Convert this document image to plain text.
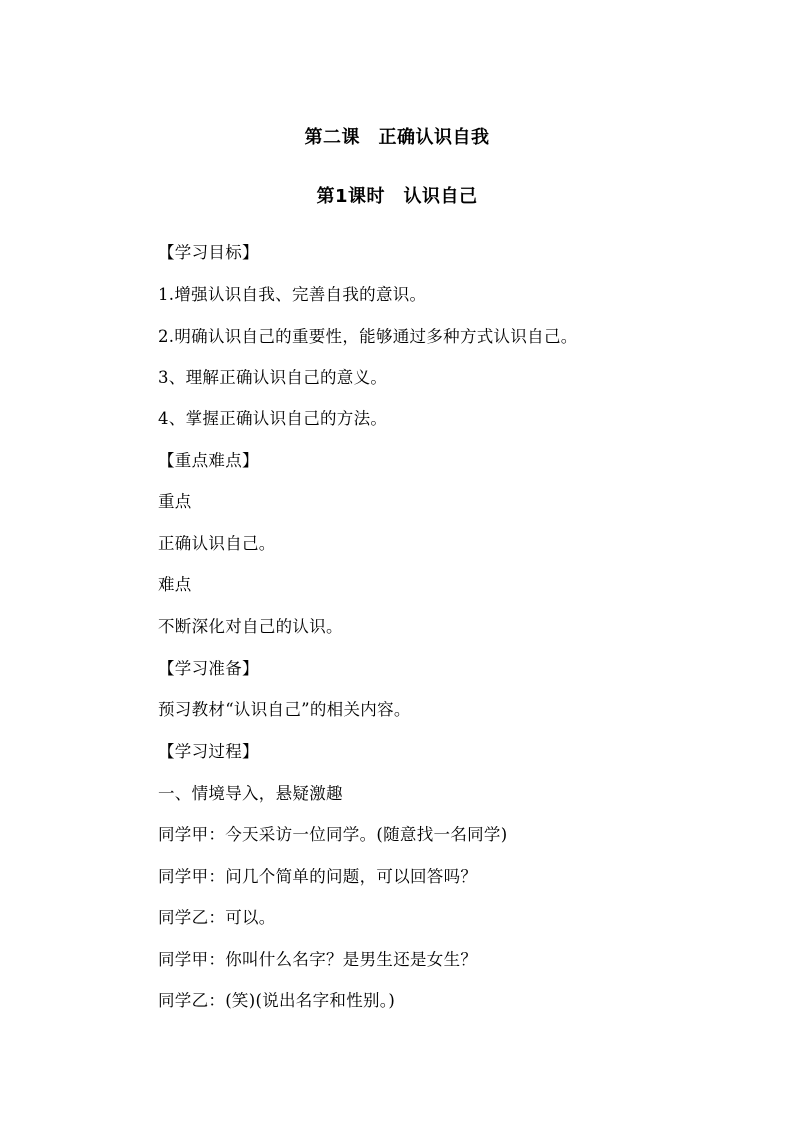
第二课　正确认识自我
第1课时　认识自己
【学习目标】
1.增强认识自我、完善自我的意识。
2.明确认识自己的重要性，能够通过多种方式认识自己。
3、理解正确认识自己的意义。
4、掌握正确认识自己的方法。
【重点难点】
重点
正确认识自己。
难点
不断深化对自己的认识。
【学习准备】
预习教材“认识自己”的相关内容。
【学习过程】
一、情境导入，悬疑激趣
同学甲：今天采访一位同学。(随意找一名同学)
同学甲：问几个简单的问题，可以回答吗？
同学乙：可以。
同学甲：你叫什么名字？是男生还是女生？
同学乙：(笑)(说出名字和性别。)
